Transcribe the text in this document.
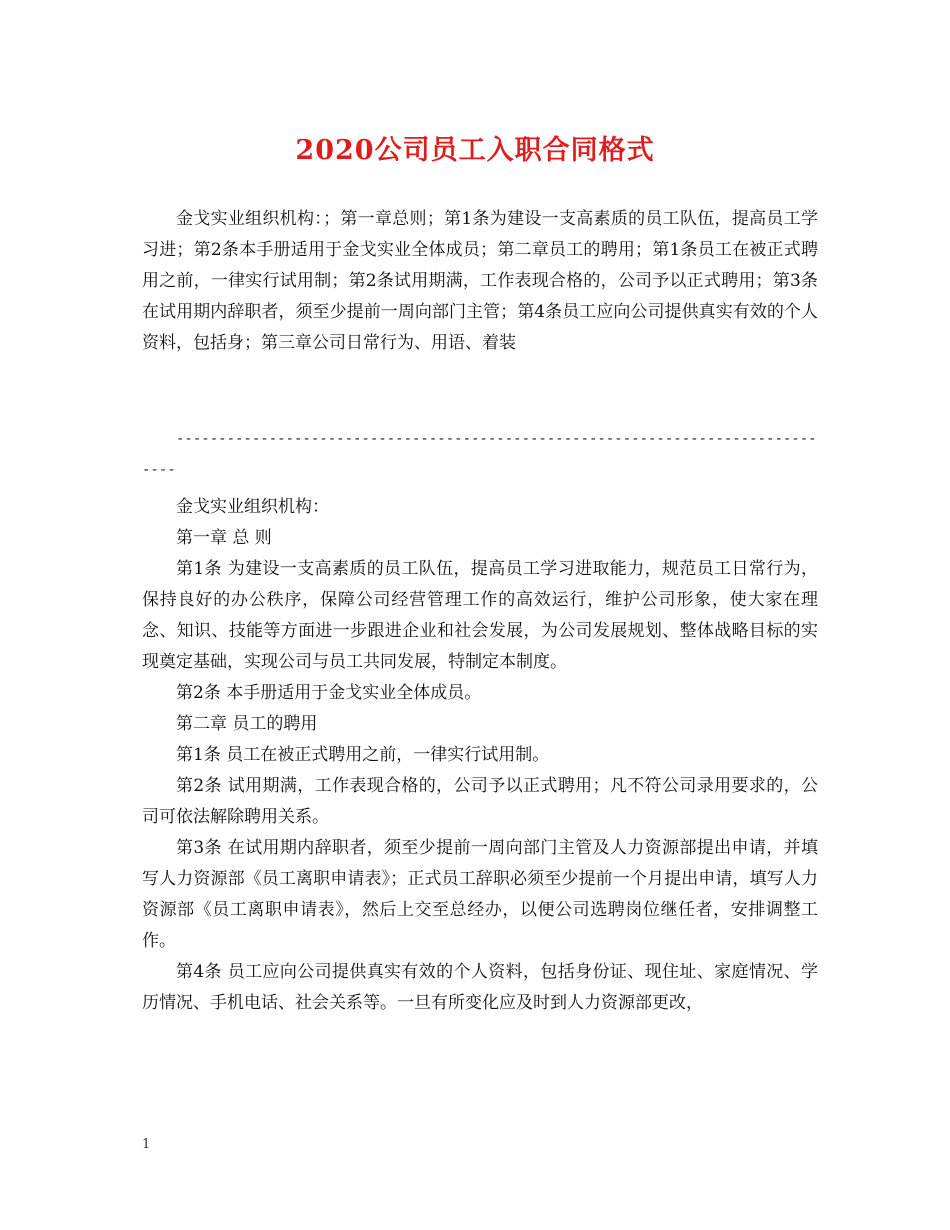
2020公司员工入职合同格式

金戈实业组织机构：；第一章总则；第1条为建设一支高素质的员工队伍，提高员工学习进；第2条本手册适用于金戈实业全体成员；第二章员工的聘用；第1条员工在被正式聘用之前，一律实行试用制；第2条试用期满，工作表现合格的，公司予以正式聘用；第3条在试用期内辞职者，须至少提前一周向部门主管；第4条员工应向公司提供真实有效的个人资料，包括身；第三章公司日常行为、用语、着装

--------------------------------------------------------------------------------

金戈实业组织机构：

第一章 总 则

第1条 为建设一支高素质的员工队伍，提高员工学习进取能力，规范员工日常行为，保持良好的办公秩序，保障公司经营管理工作的高效运行，维护公司形象，使大家在理念、知识、技能等方面进一步跟进企业和社会发展，为公司发展规划、整体战略目标的实现奠定基础，实现公司与员工共同发展，特制定本制度。

第2条 本手册适用于金戈实业全体成员。

第二章 员工的聘用

第1条 员工在被正式聘用之前，一律实行试用制。

第2条 试用期满，工作表现合格的，公司予以正式聘用；凡不符公司录用要求的，公司可依法解除聘用关系。

第3条 在试用期内辞职者，须至少提前一周向部门主管及人力资源部提出申请，并填写人力资源部《员工离职申请表》；正式员工辞职必须至少提前一个月提出申请，填写人力资源部《员工离职申请表》，然后上交至总经办，以便公司选聘岗位继任者，安排调整工作。

第4条 员工应向公司提供真实有效的个人资料，包括身份证、现住址、家庭情况、学历情况、手机电话、社会关系等。一旦有所变化应及时到人力资源部更改，

1
